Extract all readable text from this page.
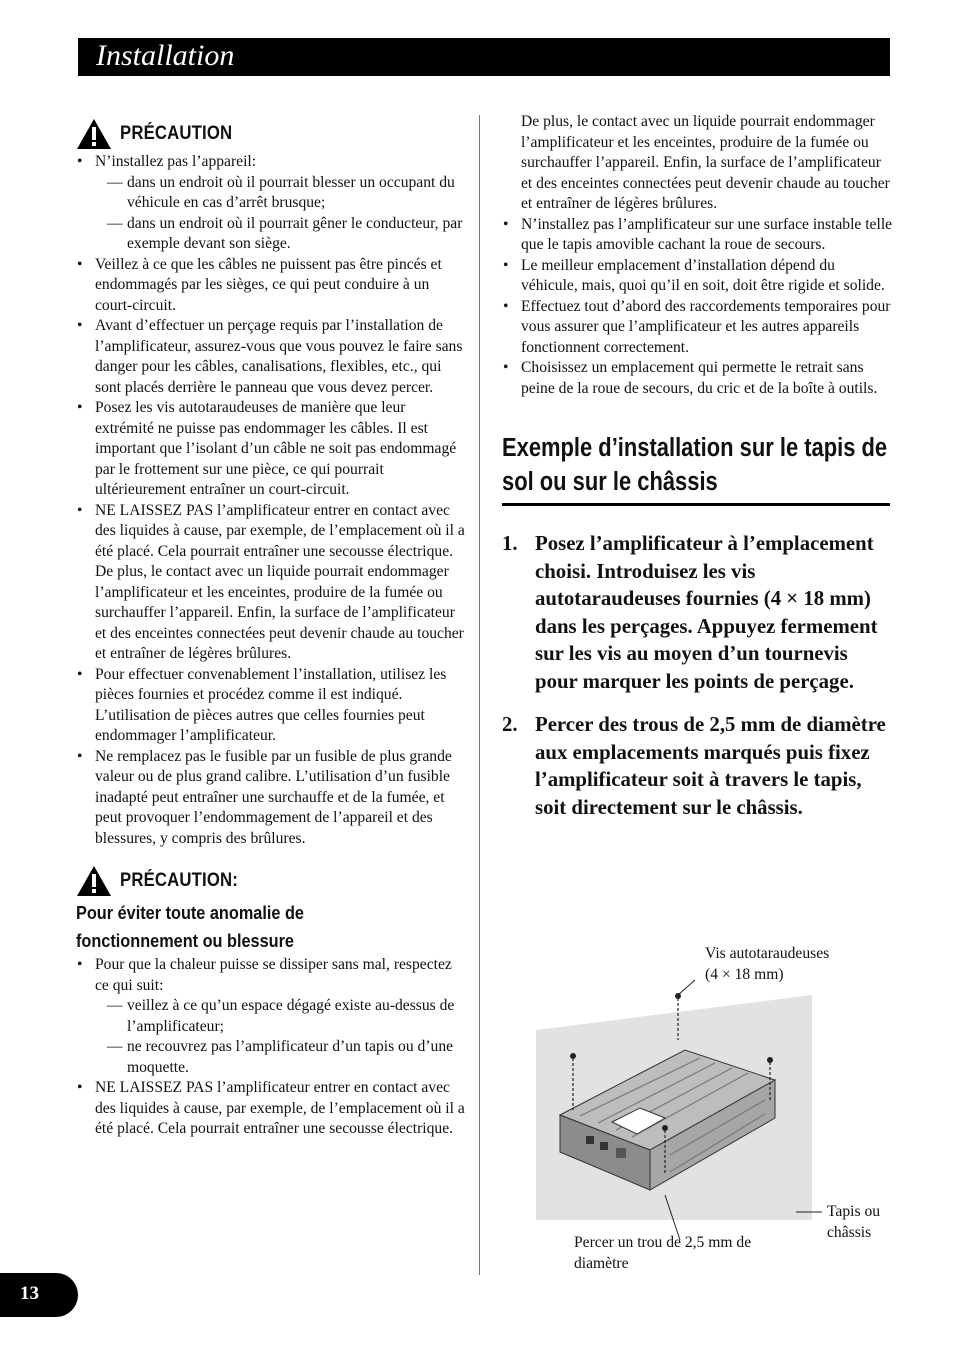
Installation
PRÉCAUTION
• N’installez pas l’appareil:
— dans un endroit où il pourrait blesser un occupant du véhicule en cas d’arrêt brusque;
— dans un endroit où il pourrait gêner le conducteur, par exemple devant son siège.
• Veillez à ce que les câbles ne puissent pas être pincés et endommagés par les sièges, ce qui peut conduire à un court-circuit.
• Avant d’effectuer un perçage requis par l’installation de l’amplificateur, assurez-vous que vous pouvez le faire sans danger pour les câbles, canalisations, flexibles, etc., qui sont placés derrière le panneau que vous devez percer.
• Posez les vis autotaraudeuses de manière que leur extrémité ne puisse pas endommager les câbles. Il est important que l’isolant d’un câble ne soit pas endommagé par le frottement sur une pièce, ce qui pourrait ultérieurement entraîner un court-circuit.
• NE LAISSEZ PAS l’amplificateur entrer en contact avec des liquides à cause, par exemple, de l’emplacement où il a été placé. Cela pourrait entraîner une secousse électrique. De plus, le contact avec un liquide pourrait endommager l’amplificateur et les enceintes, produire de la fumée ou surchauffer l’appareil. Enfin, la surface de l’amplificateur et des enceintes connectées peut devenir chaude au toucher et entraîner de légères brûlures.
• Pour effectuer convenablement l’installation, utilisez les pièces fournies et procédez comme il est indiqué. L’utilisation de pièces autres que celles fournies peut endommager l’amplificateur.
• Ne remplacez pas le fusible par un fusible de plus grande valeur ou de plus grand calibre. L’utilisation d’un fusible inadapté peut entraîner une surchauffe et de la fumée, et peut provoquer l’endommagement de l’appareil et des blessures, y compris des brûlures.
PRÉCAUTION:
Pour éviter toute anomalie de
fonctionnement ou blessure
• Pour que la chaleur puisse se dissiper sans mal, respectez ce qui suit:
— veillez à ce qu’un espace dégagé existe au-dessus de l’amplificateur;
— ne recouvrez pas l’amplificateur d’un tapis ou d’une moquette.
• NE LAISSEZ PAS l’amplificateur entrer en contact avec des liquides à cause, par exemple, de l’emplacement où il a été placé. Cela pourrait entraîner une secousse électrique.
De plus, le contact avec un liquide pourrait endommager l’amplificateur et les enceintes, produire de la fumée ou surchauffer l’appareil. Enfin, la surface de l’amplificateur et des enceintes connectées peut devenir chaude au toucher et entraîner de légères brûlures.
• N’installez pas l’amplificateur sur une surface instable telle que le tapis amovible cachant la roue de secours.
• Le meilleur emplacement d’installation dépend du véhicule, mais, quoi qu’il en soit, doit être rigide et solide.
• Effectuez tout d’abord des raccordements temporaires pour vous assurer que l’amplificateur et les autres appareils fonctionnent correctement.
• Choisissez un emplacement qui permette le retrait sans peine de la roue de secours, du cric et de la boîte à outils.
Exemple d’installation sur le tapis de sol ou sur le châssis
1. Posez l’amplificateur à l’emplacement choisi. Introduisez les vis autotaraudeuses fournies (4 × 18 mm) dans les perçages. Appuyez fermement sur les vis au moyen d’un tournevis pour marquer les points de perçage.
2. Percer des trous de 2,5 mm de diamètre aux emplacements marqués puis fixez l’amplificateur soit à travers le tapis, soit directement sur le châssis.
Vis autotaraudeuses
(4 × 18 mm)
Tapis ou
châssis
Percer un trou de 2,5 mm de
diamètre
13
